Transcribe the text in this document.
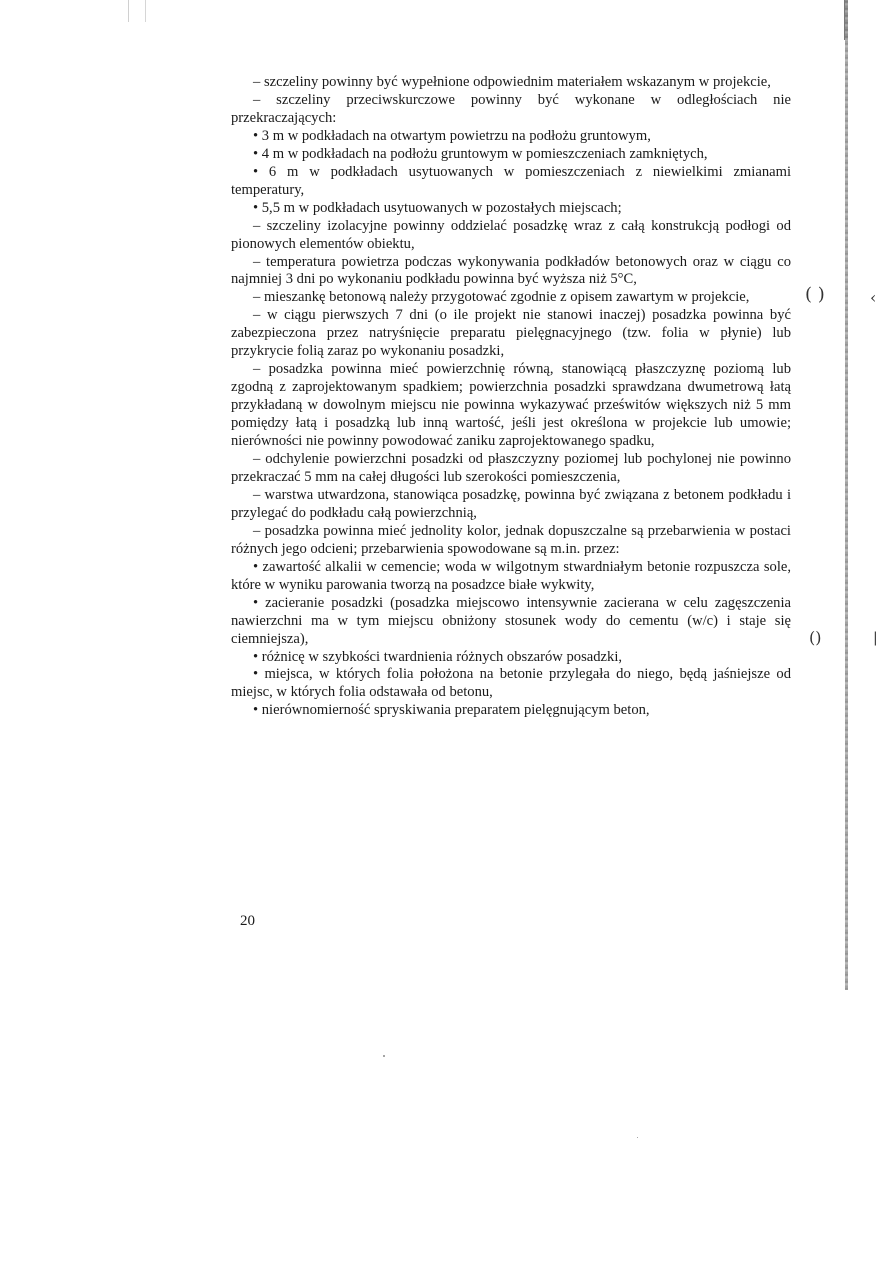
( )	‹
()	|

– szczeliny powinny być wypełnione odpowiednim materiałem wskazanym w projekcie,

– szczeliny przeciwskurczowe powinny być wykonane w odległościach nie przekraczających:

• 3 m w podkładach na otwartym powietrzu na podłożu gruntowym,

• 4 m w podkładach na podłożu gruntowym w pomieszczeniach zamkniętych,

• 6 m w podkładach usytuowanych w pomieszczeniach z niewielkimi zmianami temperatury,

• 5,5 m w podkładach usytuowanych w pozostałych miejscach;

– szczeliny izolacyjne powinny oddzielać posadzkę wraz z całą konstrukcją podłogi od pionowych elementów obiektu,

– temperatura powietrza podczas wykonywania podkładów betonowych oraz w ciągu co najmniej 3 dni po wykonaniu podkładu powinna być wyższa niż 5°C,

– mieszankę betonową należy przygotować zgodnie z opisem zawartym w projekcie,

– w ciągu pierwszych 7 dni (o ile projekt nie stanowi inaczej) posadzka powinna być zabezpieczona przez natryśnięcie preparatu pielęgnacyjnego (tzw. folia w płynie) lub przykrycie folią zaraz po wykonaniu posadzki,

– posadzka powinna mieć powierzchnię równą, stanowiącą płaszczyznę poziomą lub zgodną z zaprojektowanym spadkiem; powierzchnia posadzki sprawdzana dwumetrową łatą przykładaną w dowolnym miejscu nie powinna wykazywać prześwitów większych niż 5 mm pomiędzy łatą i posadzką lub inną wartość, jeśli jest określona w projekcie lub umowie; nierówności nie powinny powodować zaniku zaprojektowanego spadku,

– odchylenie powierzchni posadzki od płaszczyzny poziomej lub pochylonej nie powinno przekraczać 5 mm na całej długości lub szerokości pomieszczenia,

– warstwa utwardzona, stanowiąca posadzkę, powinna być związana z betonem podkładu i przylegać do podkładu całą powierzchnią,

– posadzka powinna mieć jednolity kolor, jednak dopuszczalne są przebarwienia w postaci różnych jego odcieni; przebarwienia spowodowane są m.in. przez:

• zawartość alkalii w cemencie; woda w wilgotnym stwardniałym betonie rozpuszcza sole, które w wyniku parowania tworzą na posadzce białe wykwity,

• zacieranie posadzki (posadzka miejscowo intensywnie zacierana w celu zagęszczenia nawierzchni ma w tym miejscu obniżony stosunek wody do cementu (w/c) i staje się ciemniejsza),

• różnicę w szybkości twardnienia różnych obszarów posadzki,

• miejsca, w których folia położona na betonie przylegała do niego, będą jaśniejsze od miejsc, w których folia odstawała od betonu,

• nierównomierność spryskiwania preparatem pielęgnującym beton,

20
